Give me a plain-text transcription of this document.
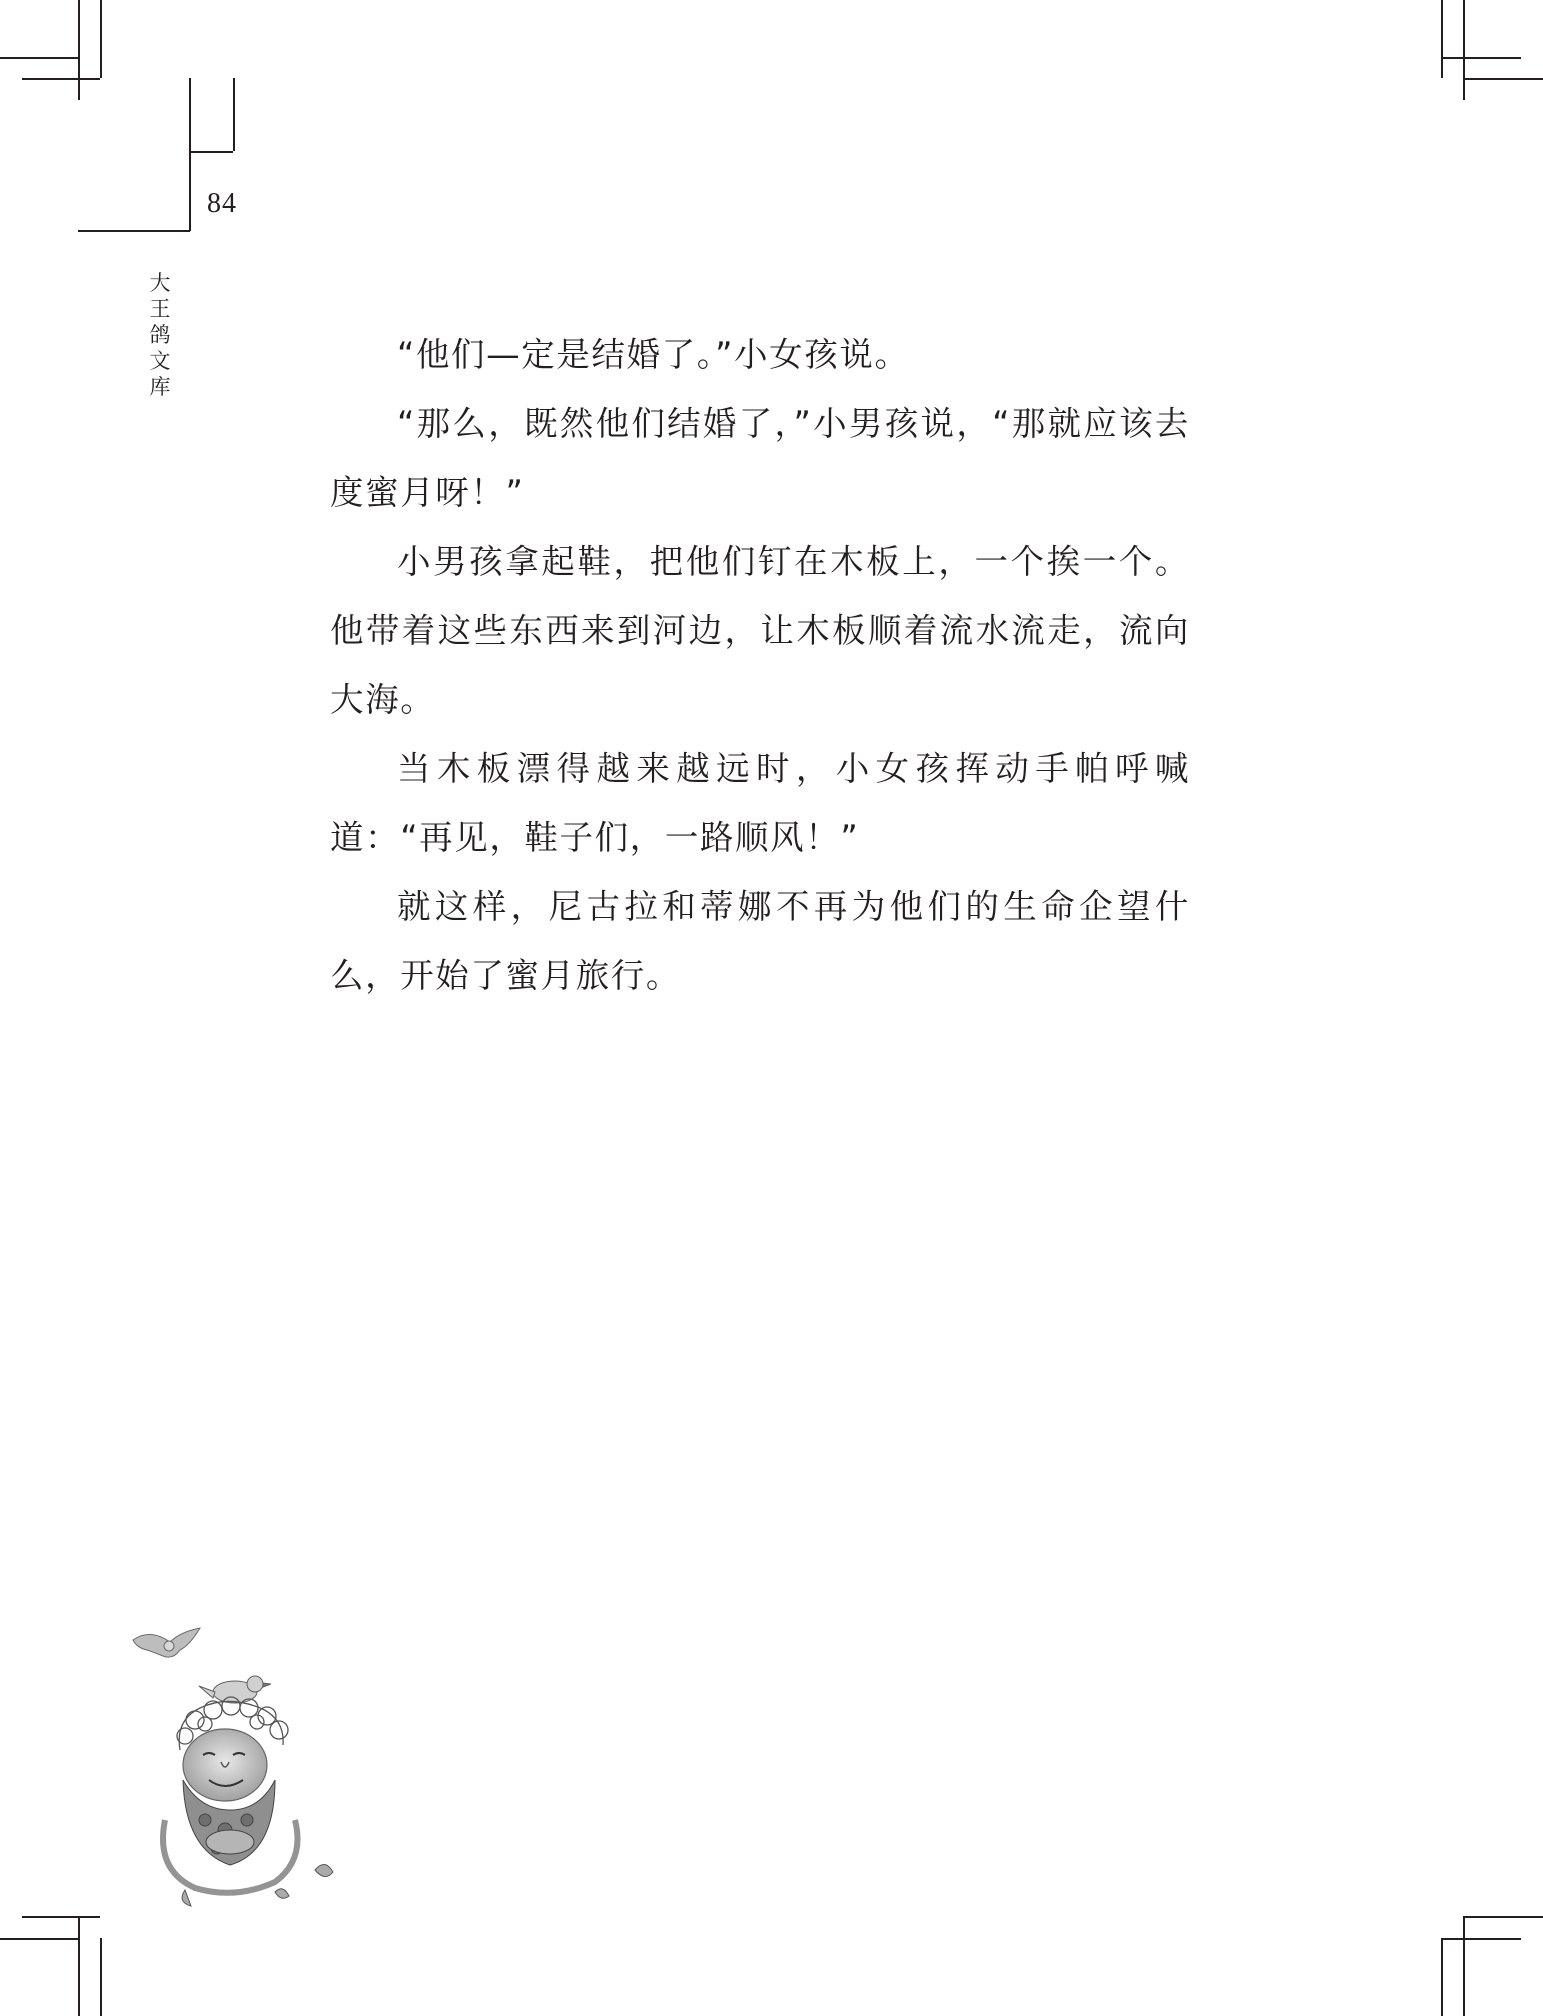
84
大王鸽文库

“他们—定是结婚了。”小女孩说。

“那么，既然他们结婚了，”小男孩说，“那就应该去度蜜月呀！”

小男孩拿起鞋，把他们钉在木板上，一个挨一个。他带着这些东西来到河边，让木板顺着流水流走，流向大海。

当木板漂得越来越远时，小女孩挥动手帕呼喊道：“再见，鞋子们，一路顺风！”

就这样，尼古拉和蒂娜不再为他们的生命企望什么，开始了蜜月旅行。
